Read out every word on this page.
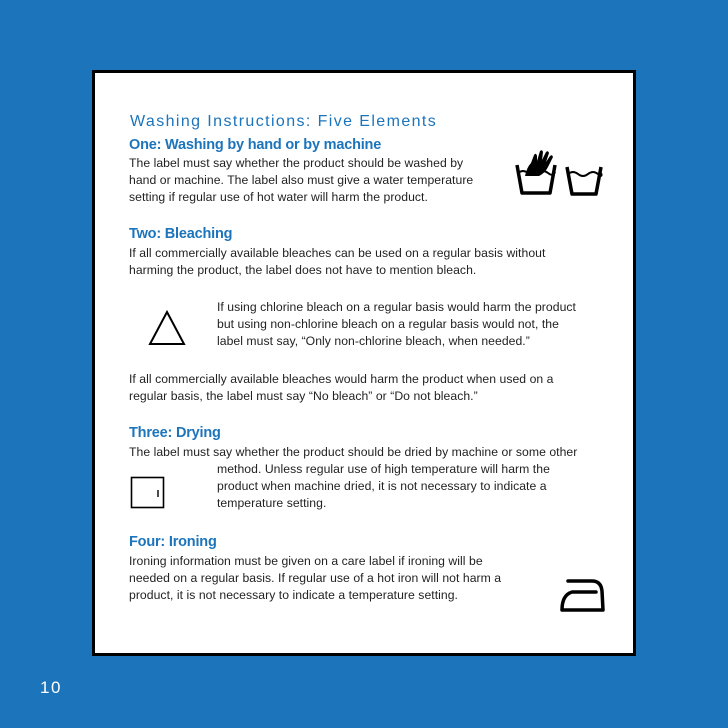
Washing Instructions: Five Elements
One: Washing by hand or by machine
The label must say whether the product should be washed by
hand or machine. The label also must give a water temperature
setting if regular use of hot water will harm the product.
Two: Bleaching
If all commercially available bleaches can be used on a regular basis without
harming the product, the label does not have to mention bleach.
If using chlorine bleach on a regular basis would harm the product
but using non-chlorine bleach on a regular basis would not, the
label must say, “Only non-chlorine bleach, when needed.”
If all commercially available bleaches would harm the product when used on a
regular basis, the label must say “No bleach” or “Do not bleach.”
Three: Drying
The label must say whether the product should be dried by machine or some other
method. Unless regular use of high temperature will harm the
product when machine dried, it is not necessary to indicate a
temperature setting.
Four: Ironing
Ironing information must be given on a care label if ironing will be
needed on a regular basis. If regular use of a hot iron will not harm a
product, it is not necessary to indicate a temperature setting.
10
